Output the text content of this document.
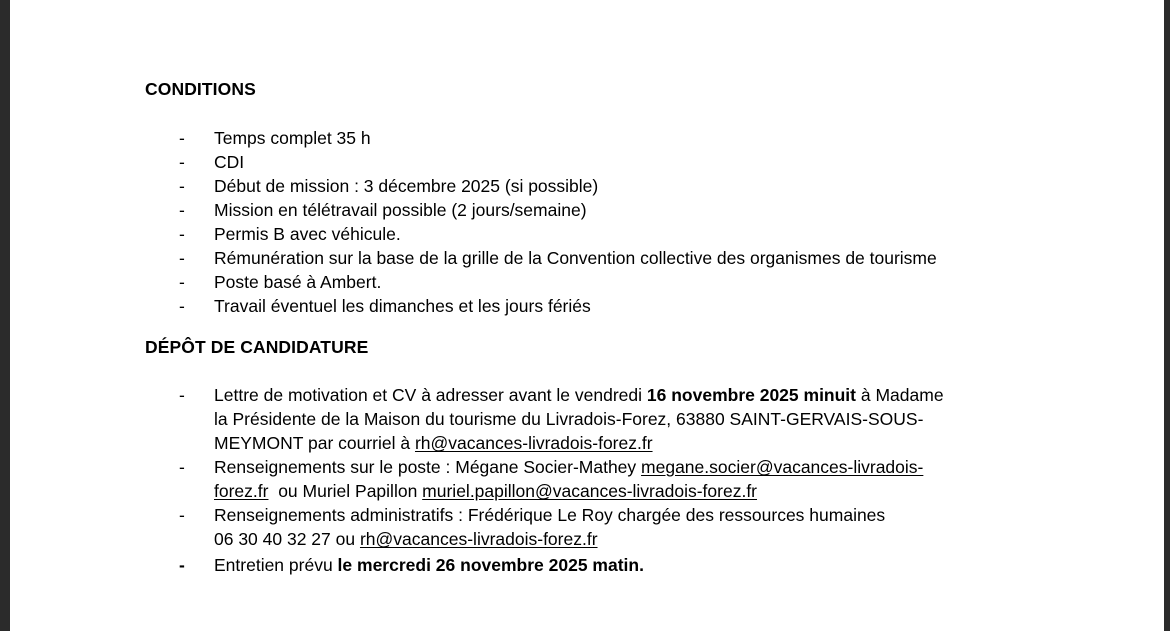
CONDITIONS
- Temps complet 35 h
- CDI
- Début de mission : 3 décembre 2025 (si possible)
- Mission en télétravail possible (2 jours/semaine)
- Permis B avec véhicule.
- Rémunération sur la base de la grille de la Convention collective des organismes de tourisme
- Poste basé à Ambert.
- Travail éventuel les dimanches et les jours fériés
DÉPÔT DE CANDIDATURE
- Lettre de motivation et CV à adresser avant le vendredi 16 novembre 2025 minuit à Madame
la Présidente de la Maison du tourisme du Livradois-Forez, 63880 SAINT-GERVAIS-SOUS-
MEYMONT par courriel à rh@vacances-livradois-forez.fr
- Renseignements sur le poste : Mégane Socier-Mathey megane.socier@vacances-livradois-
forez.fr  ou Muriel Papillon muriel.papillon@vacances-livradois-forez.fr
- Renseignements administratifs : Frédérique Le Roy chargée des ressources humaines
06 30 40 32 27 ou rh@vacances-livradois-forez.fr
- Entretien prévu le mercredi 26 novembre 2025 matin.
